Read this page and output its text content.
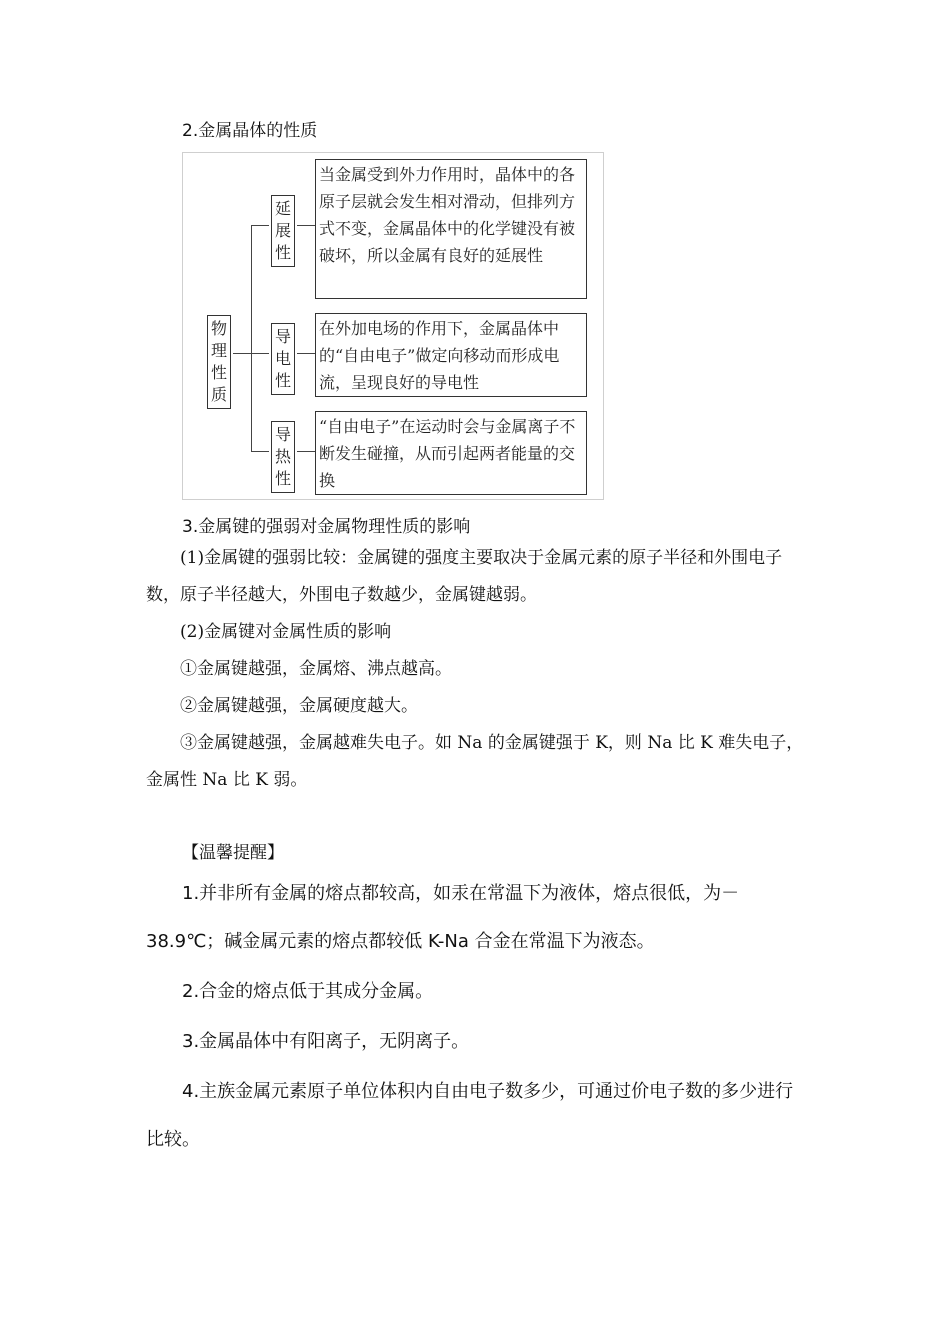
2.金属晶体的性质
物理性质
延展性
当金属受到外力作用时，晶体中的各原子层就会发生相对滑动，但排列方式不变，金属晶体中的化学键没有被破坏，所以金属有良好的延展性
导电性
在外加电场的作用下，金属晶体中的“自由电子”做定向移动而形成电流，呈现良好的导电性
导热性
“自由电子”在运动时会与金属离子不断发生碰撞，从而引起两者能量的交换
3.金属键的强弱对金属物理性质的影响
(1)金属键的强弱比较：金属键的强度主要取决于金属元素的原子半径和外围电子数，原子半径越大，外围电子数越少，金属键越弱。
(2)金属键对金属性质的影响
①金属键越强，金属熔、沸点越高。
②金属键越强，金属硬度越大。
③金属键越强，金属越难失电子。如 Na 的金属键强于 K，则 Na 比 K 难失电子，金属性 Na 比 K 弱。
【温馨提醒】
1.并非所有金属的熔点都较高，如汞在常温下为液体，熔点很低，为－38.9℃；碱金属元素的熔点都较低 K-Na 合金在常温下为液态。
2.合金的熔点低于其成分金属。
3.金属晶体中有阳离子，无阴离子。
4.主族金属元素原子单位体积内自由电子数多少，可通过价电子数的多少进行比较。
